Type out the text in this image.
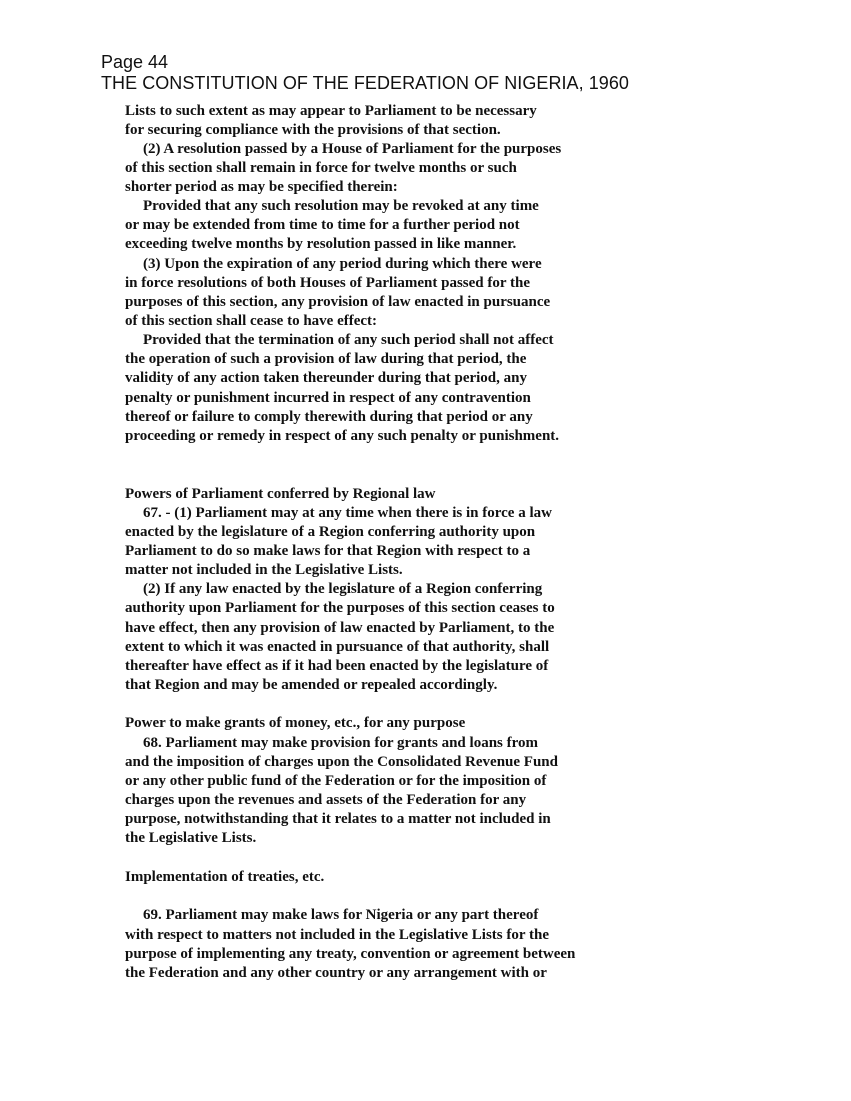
Page 44
THE CONSTITUTION OF THE FEDERATION OF NIGERIA, 1960
Lists to such extent as may appear to Parliament to be necessary
for securing compliance with the provisions of that section.
(2) A resolution passed by a House of Parliament for the purposes
of this section shall remain in force for twelve months or such
shorter period as may be specified therein:
Provided that any such resolution may be revoked at any time
or may be extended from time to time for a further period not
exceeding twelve months by resolution passed in like manner.
(3) Upon the expiration of any period during which there were
in force resolutions of both Houses of Parliament passed for the
purposes of this section, any provision of law enacted in pursuance
of this section shall cease to have effect:
Provided that the termination of any such period shall not affect
the operation of such a provision of law during that period, the
validity of any action taken thereunder during that period, any
penalty or punishment incurred in respect of any contravention
thereof or failure to comply therewith during that period or any
proceeding or remedy in respect of any such penalty or punishment.
Powers of Parliament conferred by Regional law
67. - (1) Parliament may at any time when there is in force a law
enacted by the legislature of a Region conferring authority upon
Parliament to do so make laws for that Region with respect to a
matter not included in the Legislative Lists.
(2) If any law enacted by the legislature of a Region conferring
authority upon Parliament for the purposes of this section ceases to
have effect, then any provision of law enacted by Parliament, to the
extent to which it was enacted in pursuance of that authority, shall
thereafter have effect as if it had been enacted by the legislature of
that Region and may be amended or repealed accordingly.
Power to make grants of money, etc., for any purpose
68. Parliament may make provision for grants and loans from
and the imposition of charges upon the Consolidated Revenue Fund
or any other public fund of the Federation or for the imposition of
charges upon the revenues and assets of the Federation for any
purpose, notwithstanding that it relates to a matter not included in
the Legislative Lists.
Implementation of treaties, etc.
69. Parliament may make laws for Nigeria or any part thereof
with respect to matters not included in the Legislative Lists for the
purpose of implementing any treaty, convention or agreement between
the Federation and any other country or any arrangement with or
